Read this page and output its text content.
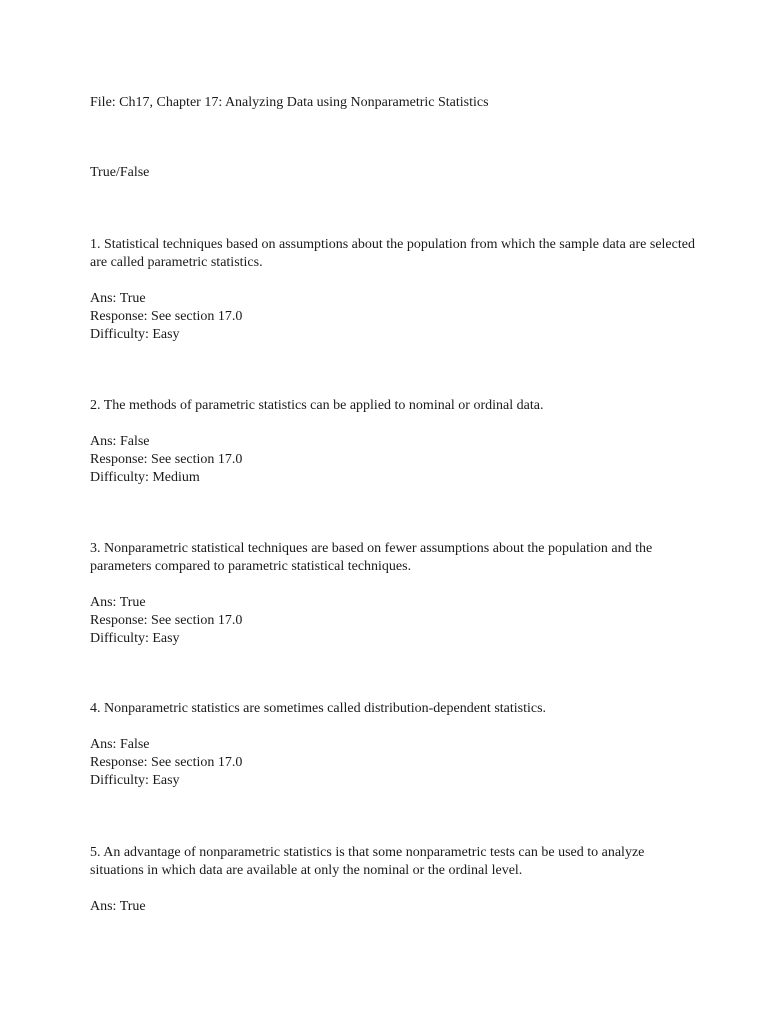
File: Ch17, Chapter 17: Analyzing Data using Nonparametric Statistics

True/False

1. Statistical techniques based on assumptions about the population from which the sample data are selected are called parametric statistics.

Ans: True
Response: See section 17.0
Difficulty: Easy

2. The methods of parametric statistics can be applied to nominal or ordinal data.

Ans: False
Response: See section 17.0
Difficulty: Medium

3. Nonparametric statistical techniques are based on fewer assumptions about the population and the parameters compared to parametric statistical techniques.

Ans: True
Response: See section 17.0
Difficulty: Easy

4. Nonparametric statistics are sometimes called distribution-dependent statistics.

Ans: False
Response: See section 17.0
Difficulty: Easy

5. An advantage of nonparametric statistics is that some nonparametric tests can be used to analyze situations in which data are available at only the nominal or the ordinal level.

Ans: True
